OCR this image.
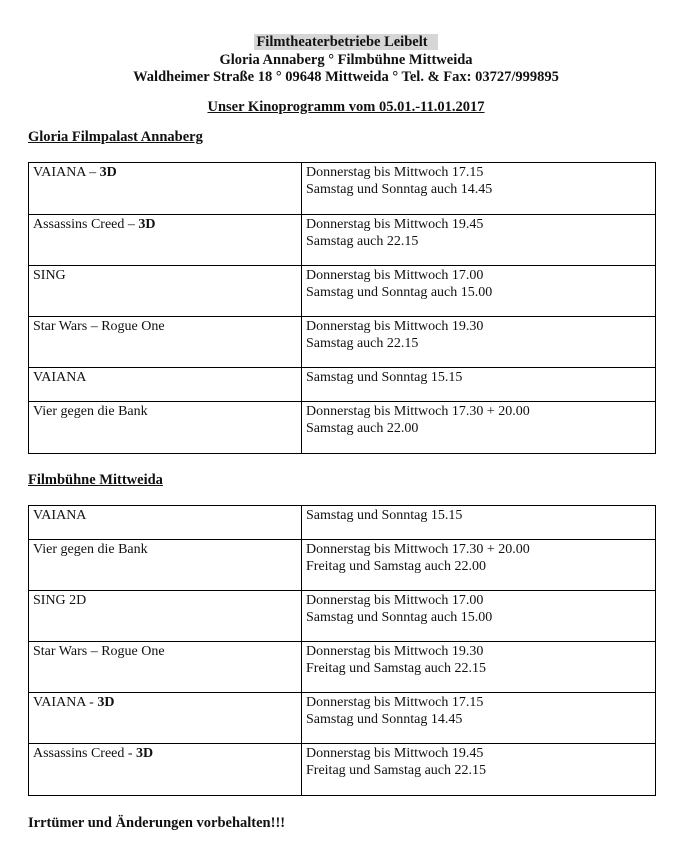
Filmtheaterbetriebe Leibelt
Gloria Annaberg ° Filmbühne Mittweida
Waldheimer Straße 18 ° 09648 Mittweida ° Tel. & Fax: 03727/999895
Unser Kinoprogramm vom 05.01.-11.01.2017
Gloria Filmpalast Annaberg
VAIANA – 3D	Donnerstag bis Mittwoch 17.15
Samstag und Sonntag auch 14.45

Assassins Creed – 3D	Donnerstag bis Mittwoch 19.45
Samstag auch 22.15

SING	Donnerstag bis Mittwoch 17.00
Samstag und Sonntag auch 15.00

Star Wars – Rogue One	Donnerstag bis Mittwoch 19.30
Samstag auch 22.15

VAIANA	Samstag und Sonntag 15.15

Vier gegen die Bank	Donnerstag bis Mittwoch 17.30 + 20.00
Samstag auch 22.00
Filmbühne Mittweida
VAIANA	Samstag und Sonntag 15.15

Vier gegen die Bank	Donnerstag bis Mittwoch 17.30 + 20.00
Freitag und Samstag auch 22.00

SING 2D	Donnerstag bis Mittwoch 17.00
Samstag und Sonntag auch 15.00

Star Wars – Rogue One	Donnerstag bis Mittwoch 19.30
Freitag und Samstag auch 22.15

VAIANA - 3D	Donnerstag bis Mittwoch 17.15
Samstag und Sonntag 14.45

Assassins Creed - 3D	Donnerstag bis Mittwoch 19.45
Freitag und Samstag auch 22.15
Irrtümer und Änderungen vorbehalten!!!
